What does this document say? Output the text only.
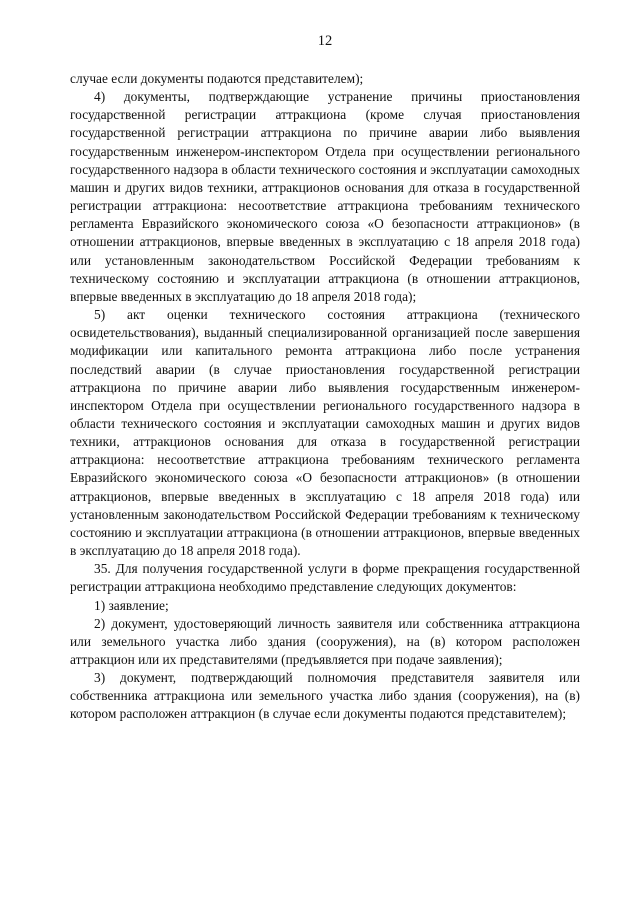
12

случае если документы подаются представителем);

4) документы, подтверждающие устранение причины приостановления государственной регистрации аттракциона (кроме случая приостановления государственной регистрации аттракциона по причине аварии либо выявления государственным инженером-инспектором Отдела при осуществлении регионального государственного надзора в области технического состояния и эксплуатации самоходных машин и других видов техники, аттракционов основания для отказа в государственной регистрации аттракциона: несоответствие аттракциона требованиям технического регламента Евразийского экономического союза «О безопасности аттракционов» (в отношении аттракционов, впервые введенных в эксплуатацию с 18 апреля 2018 года) или установленным законодательством Российской Федерации требованиям к техническому состоянию и эксплуатации аттракциона (в отношении аттракционов, впервые введенных в эксплуатацию до 18 апреля 2018 года);

5) акт оценки технического состояния аттракциона (технического освидетельствования), выданный специализированной организацией после завершения модификации или капитального ремонта аттракциона либо после устранения последствий аварии (в случае приостановления государственной регистрации аттракциона по причине аварии либо выявления государственным инженером-инспектором Отдела при осуществлении регионального государственного надзора в области технического состояния и эксплуатации самоходных машин и других видов техники, аттракционов основания для отказа в государственной регистрации аттракциона: несоответствие аттракциона требованиям технического регламента Евразийского экономического союза «О безопасности аттракционов» (в отношении аттракционов, впервые введенных в эксплуатацию с 18 апреля 2018 года) или установленным законодательством Российской Федерации требованиям к техническому состоянию и эксплуатации аттракциона (в отношении аттракционов, впервые введенных в эксплуатацию до 18 апреля 2018 года).

35. Для получения государственной услуги в форме прекращения государственной регистрации аттракциона необходимо представление следующих документов:

1) заявление;

2) документ, удостоверяющий личность заявителя или собственника аттракциона или земельного участка либо здания (сооружения), на (в) котором расположен аттракцион или их представителями (предъявляется при подаче заявления);

3) документ, подтверждающий полномочия представителя заявителя или собственника аттракциона или земельного участка либо здания (сооружения), на (в) котором расположен аттракцион (в случае если документы подаются представителем);
